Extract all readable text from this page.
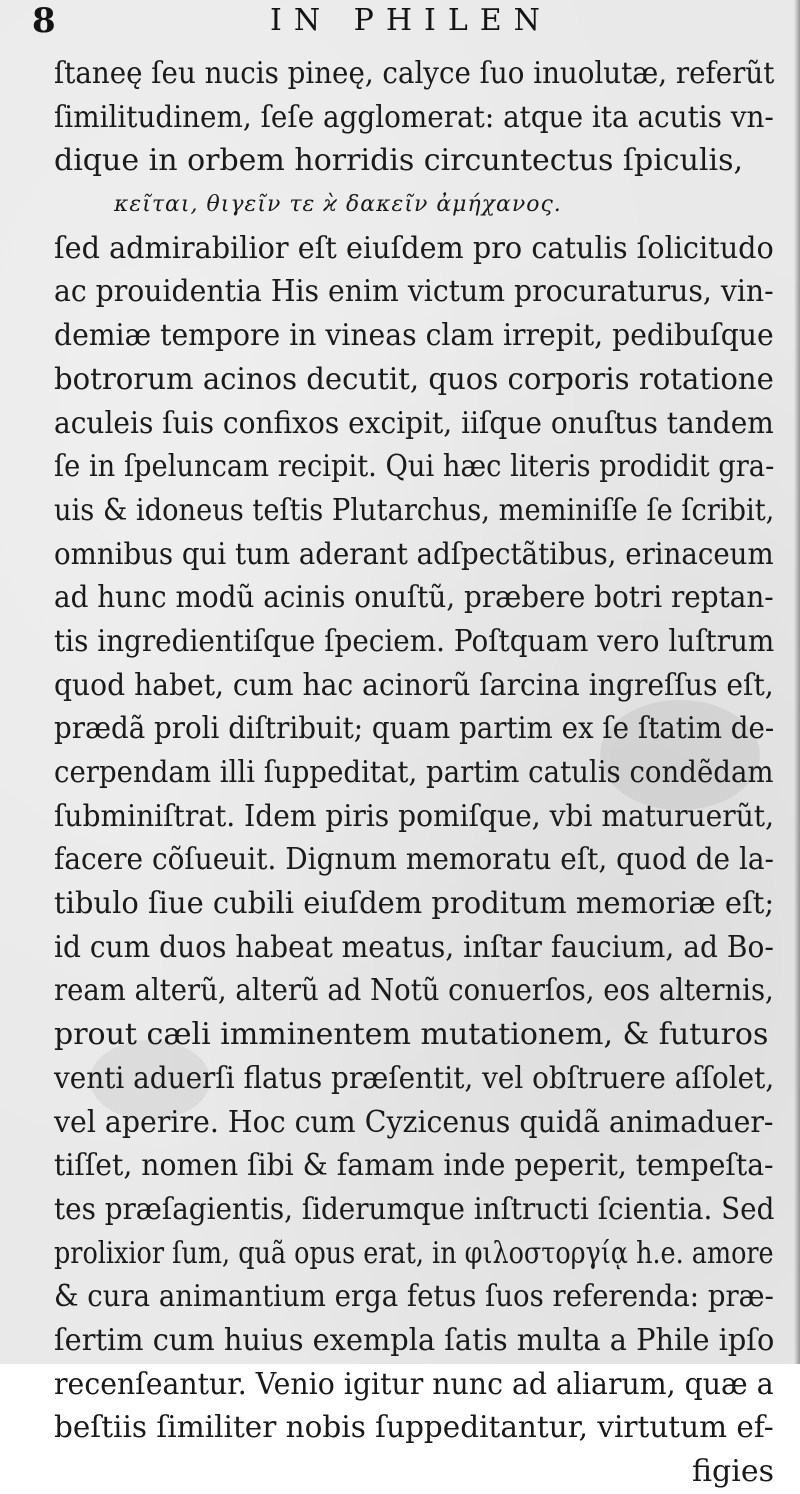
8	IN PHILEN
ſtaneę ſeu nucis pineę, calyce ſuo inuolutæ, referũt
ſimilitudinem, ſeſe agglomerat: atque ita acutis vn-
dique in orbem horridis circuntectus ſpiculis,
κεῖται, θιγεῖν τε ϰ̀ δακεῖν ἀμήχανος.
ſed admirabilior eſt eiuſdem pro catulis ſolicitudo
ac prouidentia His enim victum procuraturus, vin-
demiæ tempore in vineas clam irrepit, pedibuſque
botrorum acinos decutit, quos corporis rotatione
aculeis ſuis confixos excipit, iiſque onuſtus tandem
ſe in ſpeluncam recipit. Qui hæc literis prodidit gra-
uis & idoneus teſtis Plutarchus, meminiſſe ſe ſcribit,
omnibus qui tum aderant adſpectãtibus, erinaceum
ad hunc modũ acinis onuſtũ, præbere botri reptan-
tis ingredientiſque ſpeciem. Poſtquam vero luſtrum
quod habet, cum hac acinorũ ſarcina ingreſſus eſt,
prædã proli diſtribuit; quam partim ex ſe ſtatim de-
cerpendam illi ſuppeditat, partim catulis condẽdam
ſubminiſtrat. Idem piris pomiſque, vbi maturuerũt,
facere cõſueuit. Dignum memoratu eſt, quod de la-
tibulo ſiue cubili eiuſdem proditum memoriæ eſt;
id cum duos habeat meatus, inſtar faucium, ad Bo-
ream alterũ, alterũ ad Notũ conuerſos, eos alternis,
prout cæli imminentem mutationem, & futuros
venti aduerſi flatus præſentit, vel obſtruere aſſolet,
vel aperire. Hoc cum Cyzicenus quidã animaduer-
tiſſet, nomen ſibi & famam inde peperit, tempeſta-
tes præſagientis, ſiderumque inſtructi ſcientia. Sed
prolixior ſum, quã opus erat, in φιλοστοργίᾳ h.e. amore
& cura animantium erga fetus ſuos referenda: præ-
ſertim cum huius exempla ſatis multa a Phile ipſo
recenſeantur. Venio igitur nunc ad aliarum, quæ a
beſtiis ſimiliter nobis ſuppeditantur, virtutum ef-
figies
